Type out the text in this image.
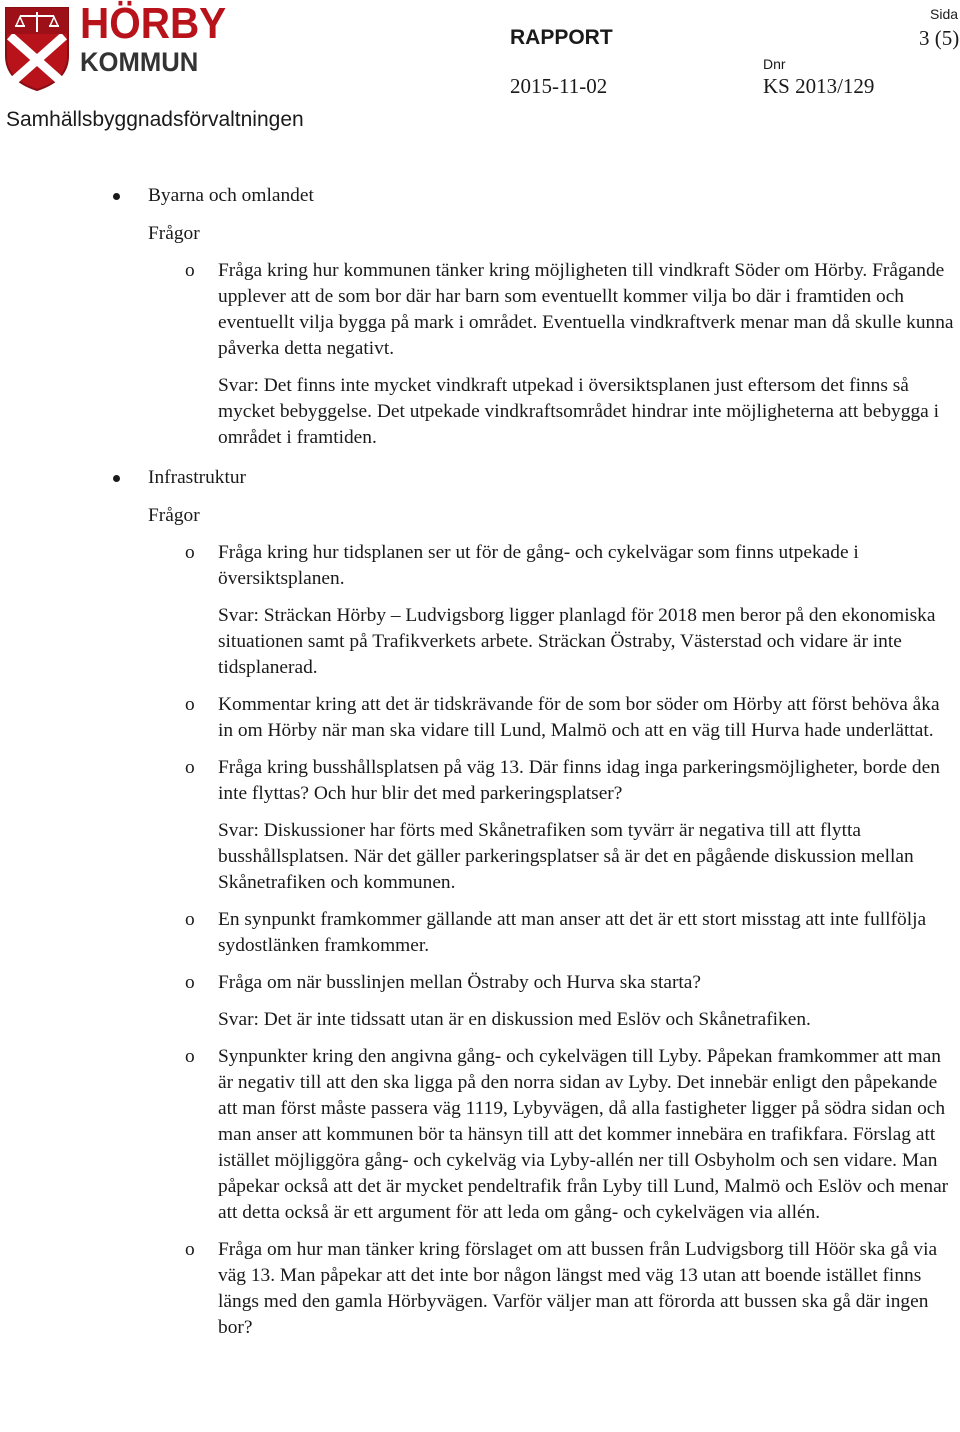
HÖRBY
KOMMUN
Samhällsbyggnadsförvaltningen
RAPPORT
2015-11-02
Dnr
KS 2013/129
Sida
3 (5)
Byarna och omlandet
Frågor
o Fråga kring hur kommunen tänker kring möjligheten till vindkraft Söder om Hörby. Frågande upplever att de som bor där har barn som eventuellt kommer vilja bo där i framtiden och eventuellt vilja bygga på mark i området. Eventuella vindkraftverk menar man då skulle kunna påverka detta negativt.
Svar: Det finns inte mycket vindkraft utpekad i översiktsplanen just eftersom det finns så mycket bebyggelse. Det utpekade vindkraftsområdet hindrar inte möjligheterna att bebygga i området i framtiden.
Infrastruktur
Frågor
o Fråga kring hur tidsplanen ser ut för de gång- och cykelvägar som finns utpekade i översiktsplanen.
Svar: Sträckan Hörby – Ludvigsborg ligger planlagd för 2018 men beror på den ekonomiska situationen samt på Trafikverkets arbete. Sträckan Östraby, Västerstad och vidare är inte tidsplanerad.
o Kommentar kring att det är tidskrävande för de som bor söder om Hörby att först behöva åka in om Hörby när man ska vidare till Lund, Malmö och att en väg till Hurva hade underlättat.
o Fråga kring busshållsplatsen på väg 13. Där finns idag inga parkeringsmöjligheter, borde den inte flyttas? Och hur blir det med parkeringsplatser?
Svar: Diskussioner har förts med Skånetrafiken som tyvärr är negativa till att flytta busshållsplatsen. När det gäller parkeringsplatser så är det en pågående diskussion mellan Skånetrafiken och kommunen.
o En synpunkt framkommer gällande att man anser att det är ett stort misstag att inte fullfölja sydostlänken framkommer.
o Fråga om när busslinjen mellan Östraby och Hurva ska starta?
Svar: Det är inte tidssatt utan är en diskussion med Eslöv och Skånetrafiken.
o Synpunkter kring den angivna gång- och cykelvägen till Lyby. Påpekan framkommer att man är negativ till att den ska ligga på den norra sidan av Lyby. Det innebär enligt den påpekande att man först måste passera väg 1119, Lybyvägen, då alla fastigheter ligger på södra sidan och man anser att kommunen bör ta hänsyn till att det kommer innebära en trafikfara. Förslag att istället möjliggöra gång- och cykelväg via Lyby-allén ner till Osbyholm och sen vidare. Man påpekar också att det är mycket pendeltrafik från Lyby till Lund, Malmö och Eslöv och menar att detta också är ett argument för att leda om gång- och cykelvägen via allén.
o Fråga om hur man tänker kring förslaget om att bussen från Ludvigsborg till Höör ska gå via väg 13. Man påpekar att det inte bor någon längst med väg 13 utan att boende istället finns längs med den gamla Hörbyvägen. Varför väljer man att förorda att bussen ska gå där ingen bor?
